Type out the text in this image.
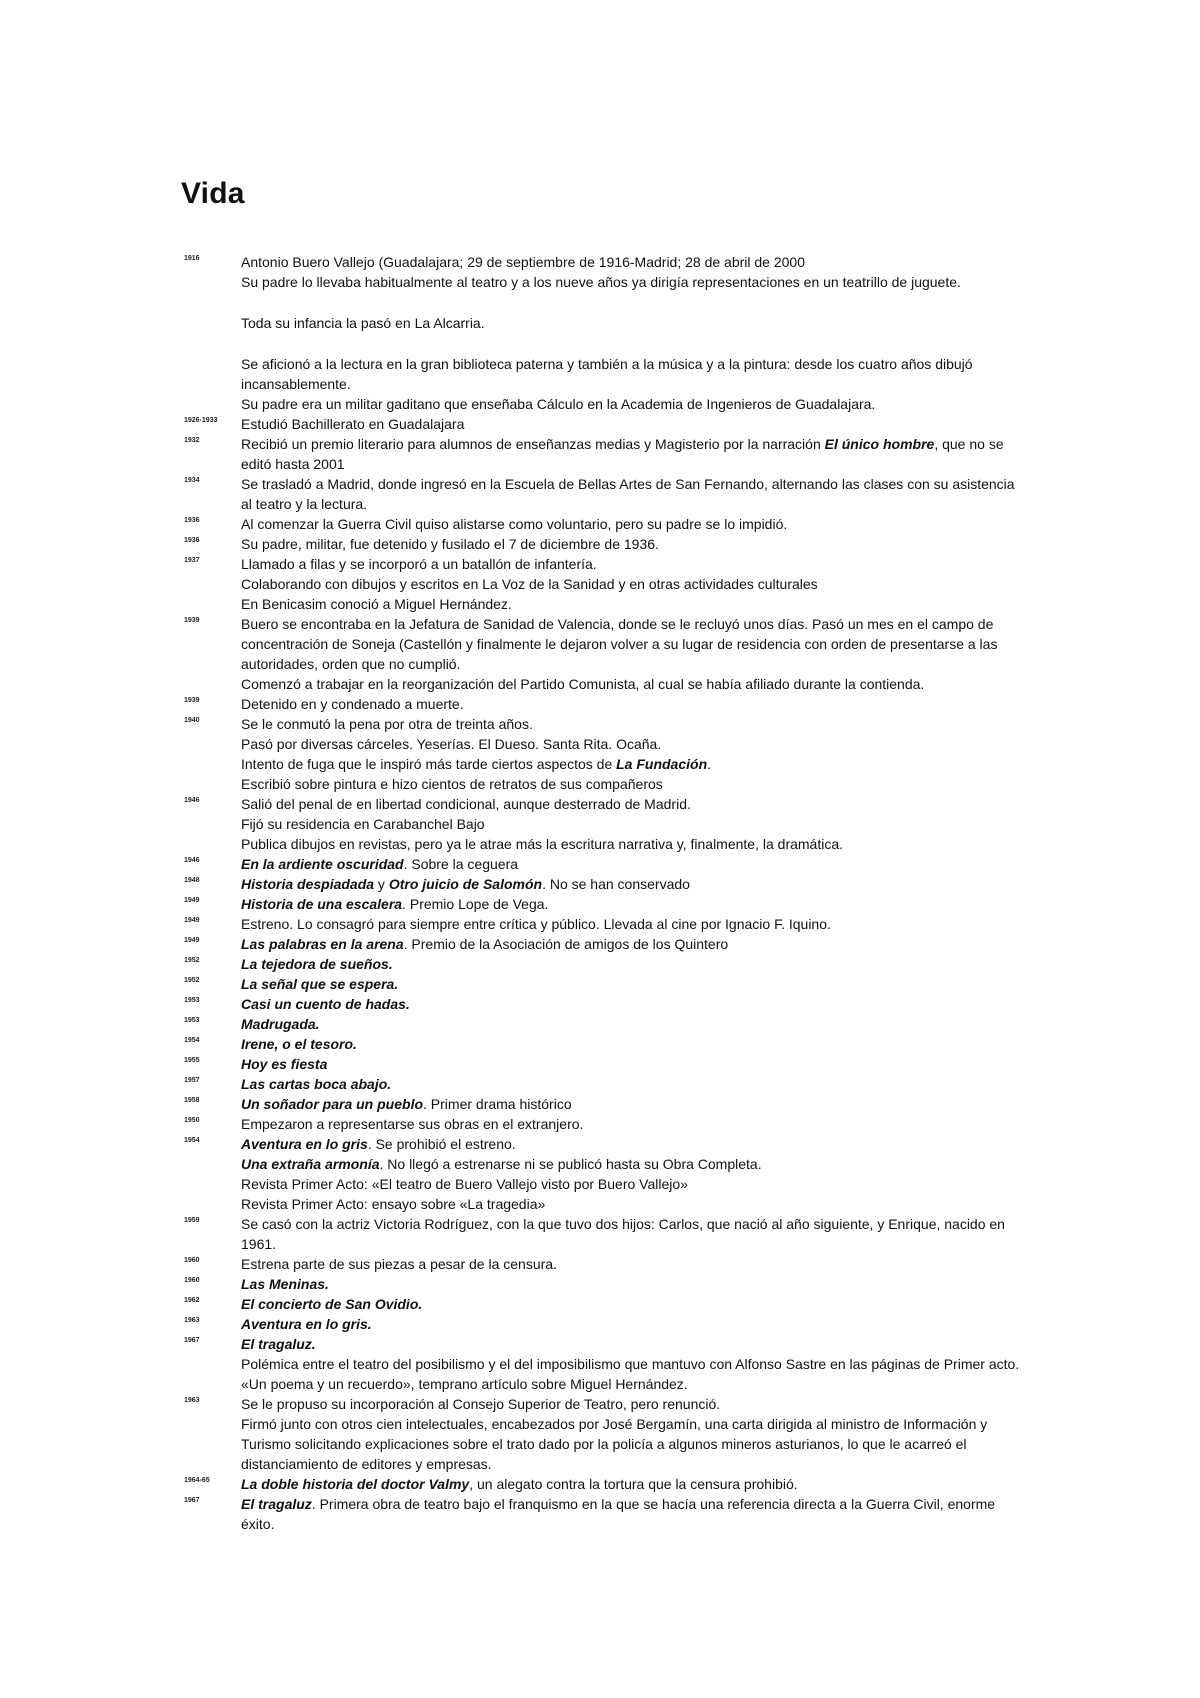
Vida
1916	Antonio Buero Vallejo (Guadalajara; 29 de septiembre de 1916-Madrid; 28 de abril de 2000
Su padre lo llevaba habitualmente al teatro y a los nueve años ya dirigía representaciones en un teatrillo de juguete.
Toda su infancia la pasó en La Alcarria.
Se aficionó a la lectura en la gran biblioteca paterna y también a la música y a la pintura: desde los cuatro años dibujó incansablemente.
Su padre era un militar gaditano que enseñaba Cálculo en la Academia de Ingenieros de Guadalajara.
1926-1933	Estudió Bachillerato en Guadalajara
1932	Recibió un premio literario para alumnos de enseñanzas medias y Magisterio por la narración El único hombre, que no se editó hasta 2001
1934	Se trasladó a Madrid, donde ingresó en la Escuela de Bellas Artes de San Fernando, alternando las clases con su asistencia al teatro y la lectura.
1936	Al comenzar la Guerra Civil quiso alistarse como voluntario, pero su padre se lo impidió.
1936	Su padre, militar, fue detenido y fusilado el 7 de diciembre de 1936.
1937	Llamado a filas y se incorporó a un batallón de infantería.
Colaborando con dibujos y escritos en La Voz de la Sanidad y en otras actividades culturales
En Benicasim conoció a Miguel Hernández.
1939	Buero se encontraba en la Jefatura de Sanidad de Valencia, donde se le recluyó unos días. Pasó un mes en el campo de concentración de Soneja (Castellón y finalmente le dejaron volver a su lugar de residencia con orden de presentarse a las autoridades, orden que no cumplió.
Comenzó a trabajar en la reorganización del Partido Comunista, al cual se había afiliado durante la contienda.
1939	Detenido en y condenado a muerte.
1940	Se le conmutó la pena por otra de treinta años.
Pasó por diversas cárceles. Yeserías. El Dueso. Santa Rita. Ocaña.
Intento de fuga que le inspiró más tarde ciertos aspectos de La Fundación.
Escribió sobre pintura e hizo cientos de retratos de sus compañeros
1946	Salió del penal de en libertad condicional, aunque desterrado de Madrid.
Fijó su residencia en Carabanchel Bajo
Publica dibujos en revistas, pero ya le atrae más la escritura narrativa y, finalmente, la dramática.
1946	En la ardiente oscuridad. Sobre la ceguera
1948	Historia despiadada y Otro juicio de Salomón. No se han conservado
1949	Historia de una escalera. Premio Lope de Vega.
1949	Estreno. Lo consagró para siempre entre crítica y público. Llevada al cine por Ignacio F. Iquino.
1949	Las palabras en la arena. Premio de la Asociación de amigos de los Quintero
1952	La tejedora de sueños.
1952	La señal que se espera.
1953	Casi un cuento de hadas.
1953	Madrugada.
1954	Irene, o el tesoro.
1955	Hoy es fiesta
1957	Las cartas boca abajo.
1958	Un soñador para un pueblo. Primer drama histórico
1950	Empezaron a representarse sus obras en el extranjero.
1954	Aventura en lo gris. Se prohibió el estreno.
Una extraña armonía. No llegó a estrenarse ni se publicó hasta su Obra Completa.
Revista Primer Acto: «El teatro de Buero Vallejo visto por Buero Vallejo»
Revista Primer Acto: ensayo sobre «La tragedia»
1959	Se casó con la actriz Victoria Rodríguez, con la que tuvo dos hijos: Carlos, que nació al año siguiente, y Enrique, nacido en 1961.
1960	Estrena parte de sus piezas a pesar de la censura.
1960	Las Meninas.
1962	El concierto de San Ovidio.
1963	Aventura en lo gris.
1967	El tragaluz.
Polémica entre el teatro del posibilismo y el del imposibilismo que mantuvo con Alfonso Sastre en las páginas de Primer acto.
«Un poema y un recuerdo», temprano artículo sobre Miguel Hernández.
1963	Se le propuso su incorporación al Consejo Superior de Teatro, pero renunció.
Firmó junto con otros cien intelectuales, encabezados por José Bergamín, una carta dirigida al ministro de Información y Turismo solicitando explicaciones sobre el trato dado por la policía a algunos mineros asturianos, lo que le acarreó el distanciamiento de editores y empresas.
1964-65	La doble historia del doctor Valmy, un alegato contra la tortura que la censura prohibió.
1967	El tragaluz. Primera obra de teatro bajo el franquismo en la que se hacía una referencia directa a la Guerra Civil, enorme éxito.
